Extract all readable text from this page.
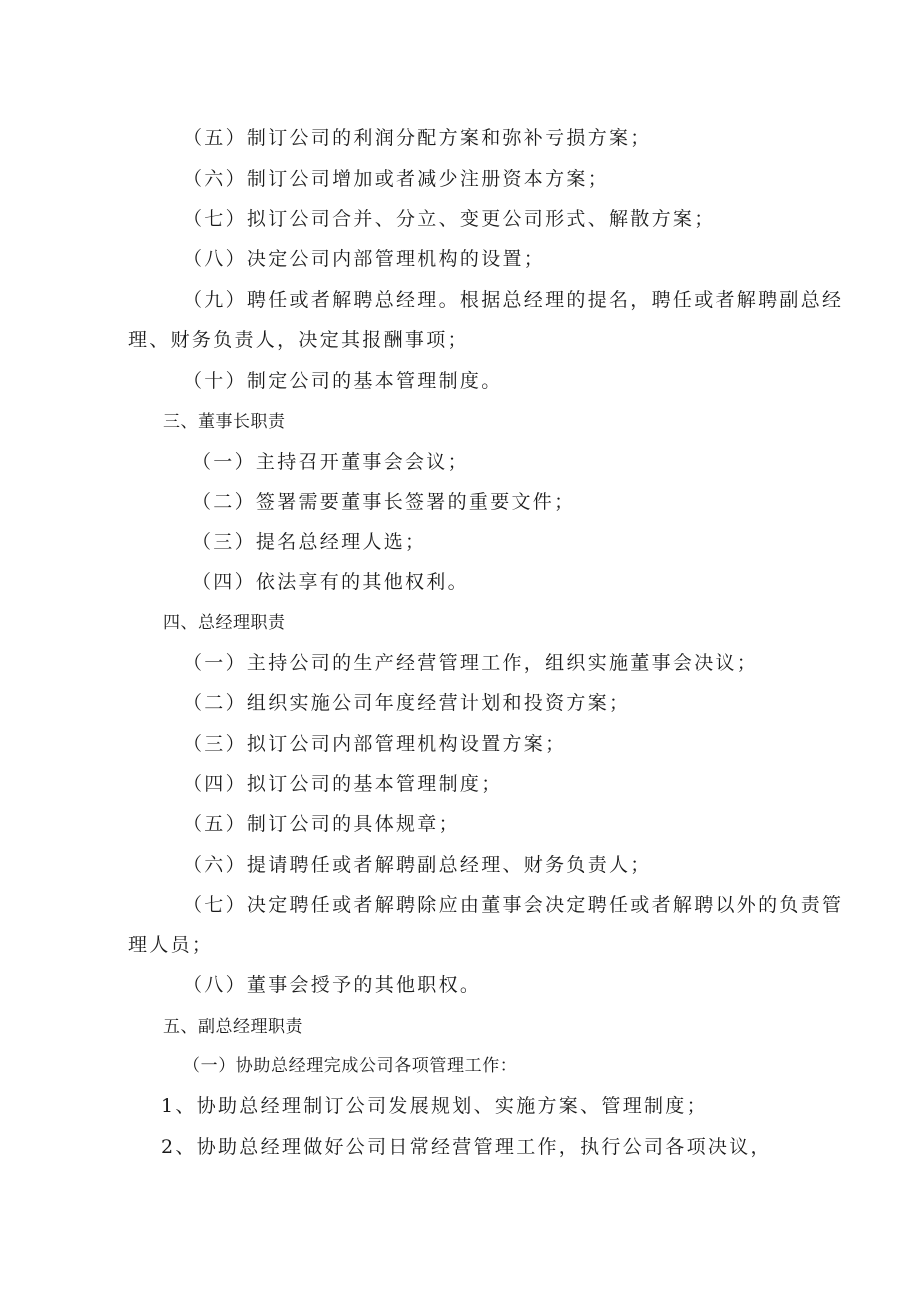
（五）制订公司的利润分配方案和弥补亏损方案；
（六）制订公司增加或者减少注册资本方案；
（七）拟订公司合并、分立、变更公司形式、解散方案；
（八）决定公司内部管理机构的设置；
（九）聘任或者解聘总经理。根据总经理的提名，聘任或者解聘副总经
理、财务负责人，决定其报酬事项；
（十）制定公司的基本管理制度。
三、董事长职责
（一）主持召开董事会会议；
（二）签署需要董事长签署的重要文件；
（三）提名总经理人选；
（四）依法享有的其他权利。
四、总经理职责
（一）主持公司的生产经营管理工作，组织实施董事会决议；
（二）组织实施公司年度经营计划和投资方案；
（三）拟订公司内部管理机构设置方案；
（四）拟订公司的基本管理制度；
（五）制订公司的具体规章；
（六）提请聘任或者解聘副总经理、财务负责人；
（七）决定聘任或者解聘除应由董事会决定聘任或者解聘以外的负责管
理人员；
（八）董事会授予的其他职权。
五、副总经理职责
（一）协助总经理完成公司各项管理工作：
1、协助总经理制订公司发展规划、实施方案、管理制度；
2、协助总经理做好公司日常经营管理工作，执行公司各项决议，
